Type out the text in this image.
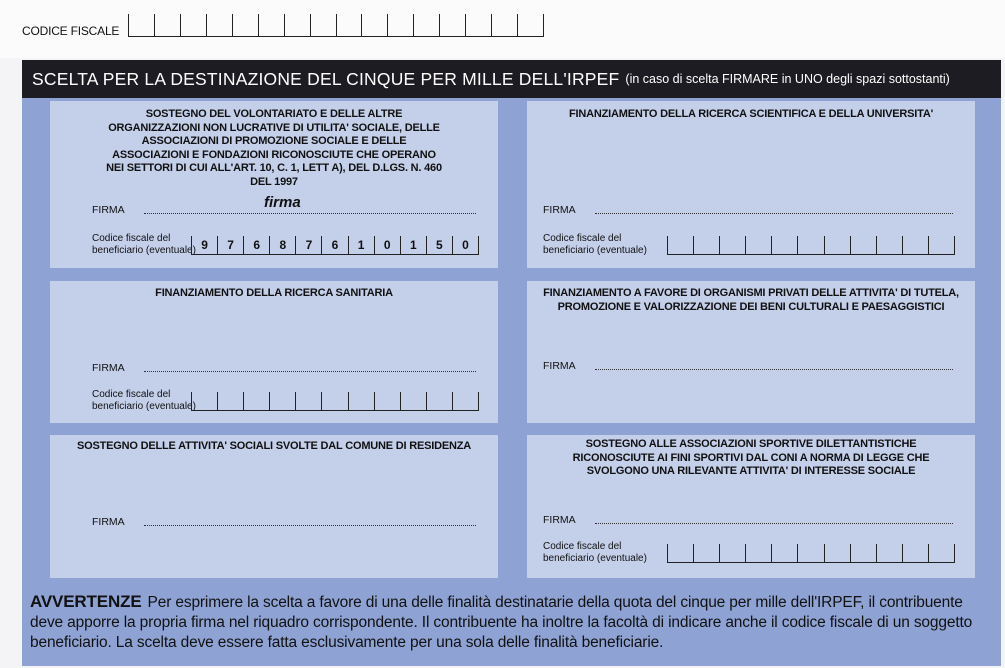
CODICE FISCALE
SCELTA PER LA DESTINAZIONE DEL CINQUE PER MILLE DELL'IRPEF (in caso di scelta FIRMARE in UNO degli spazi sottostanti)
SOSTEGNO DEL VOLONTARIATO E DELLE ALTRE ORGANIZZAZIONI NON LUCRATIVE DI UTILITA' SOCIALE, DELLE ASSOCIAZIONI DI PROMOZIONE SOCIALE E DELLE ASSOCIAZIONI E FONDAZIONI RICONOSCIUTE CHE OPERANO NEI SETTORI DI CUI ALL'ART. 10, C. 1, LETT A), DEL D.LGS. N. 460 DEL 1997
FIRMA	firma
Codice fiscale del
beneficiario (eventuale) 9	7	6	8	7	6	1	0	1	5	0
FINANZIAMENTO DELLA RICERCA SCIENTIFICA E DELLA UNIVERSITA'
FIRMA
Codice fiscale del
beneficiario (eventuale)
FINANZIAMENTO DELLA RICERCA SANITARIA
FIRMA
Codice fiscale del
beneficiario (eventuale)
FINANZIAMENTO A FAVORE DI ORGANISMI PRIVATI DELLE ATTIVITA' DI TUTELA, PROMOZIONE E VALORIZZAZIONE DEI BENI CULTURALI E PAESAGGISTICI
FIRMA
SOSTEGNO DELLE ATTIVITA' SOCIALI SVOLTE DAL COMUNE DI RESIDENZA
FIRMA
SOSTEGNO ALLE ASSOCIAZIONI SPORTIVE DILETTANTISTICHE RICONOSCIUTE AI FINI SPORTIVI DAL CONI A NORMA DI LEGGE CHE SVOLGONO UNA RILEVANTE ATTIVITA' DI INTERESSE SOCIALE
FIRMA
Codice fiscale del
beneficiario (eventuale)
AVVERTENZE Per esprimere la scelta a favore di una delle finalità destinatarie della quota del cinque per mille dell'IRPEF, il contribuente deve apporre la propria firma nel riquadro corrispondente. Il contribuente ha inoltre la facoltà di indicare anche il codice fiscale di un soggetto beneficiario. La scelta deve essere fatta esclusivamente per una sola delle finalità beneficiarie.
